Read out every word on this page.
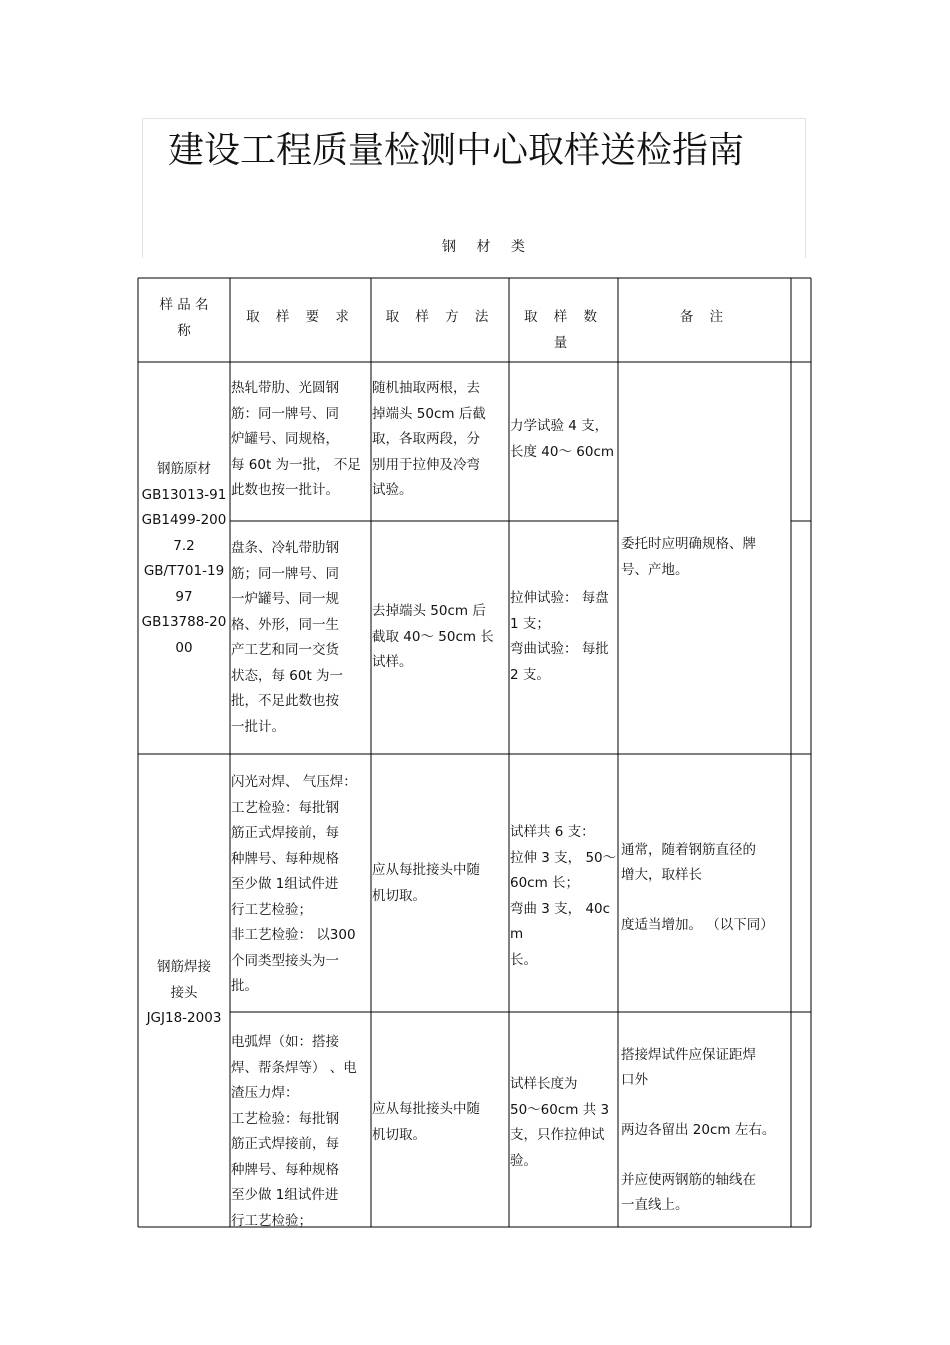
建设工程质量检测中心取样送检指南
钢 材 类
样 品 名
称
取 样 要 求	取 样 方 法	取 样 数 量
备 注
钢筋原材
GB13013-91
GB1499-200
7.2
GB/T701-19
97
GB13788-20
00
热轧带肋、光圆钢
筋：同一牌号、同
炉罐号、同规格，
每 60t 为一批， 不足
此数也按一批计。
随机抽取两根，去
掉端头 50cm 后截
取，各取两段，分
别用于拉伸及冷弯
试验。
力学试验 4 支，
长度 40～ 60cm
盘条、冷轧带肋钢
筋；同一牌号、同
一炉罐号、同一规
格、外形，同一生
产工艺和同一交货
状态，每 60t 为一
批，不足此数也按
一批计。
去掉端头 50cm 后
截取 40～ 50cm 长
试样。
拉伸试验： 每盘
1 支；
弯曲试验： 每批
2 支。
委托时应明确规格、牌
号、产地。
钢筋焊接
接头
JGJ18-2003
闪光对焊、 气压焊：
工艺检验：每批钢
筋正式焊接前，每
种牌号、每种规格
至少做 1组试件进
行工艺检验；
非工艺检验： 以300
个同类型接头为一
批。
应从每批接头中随
机切取。
试样共 6 支：
拉伸 3 支， 50～
60cm 长；
弯曲 3 支， 40cm
长。
通常，随着钢筋直径的
增大，取样长

度适当增加。 （以下同）
电弧焊（如：搭接
焊、帮条焊等） 、电
渣压力焊：
工艺检验：每批钢
筋正式焊接前，每
种牌号、每种规格
至少做 1组试件进
行工艺检验；
应从每批接头中随
机切取。
试样长度为
50～60cm 共 3
支，只作拉伸试
验。
搭接焊试件应保证距焊
口外

两边各留出 20cm 左右。

并应使两钢筋的轴线在
一直线上。
